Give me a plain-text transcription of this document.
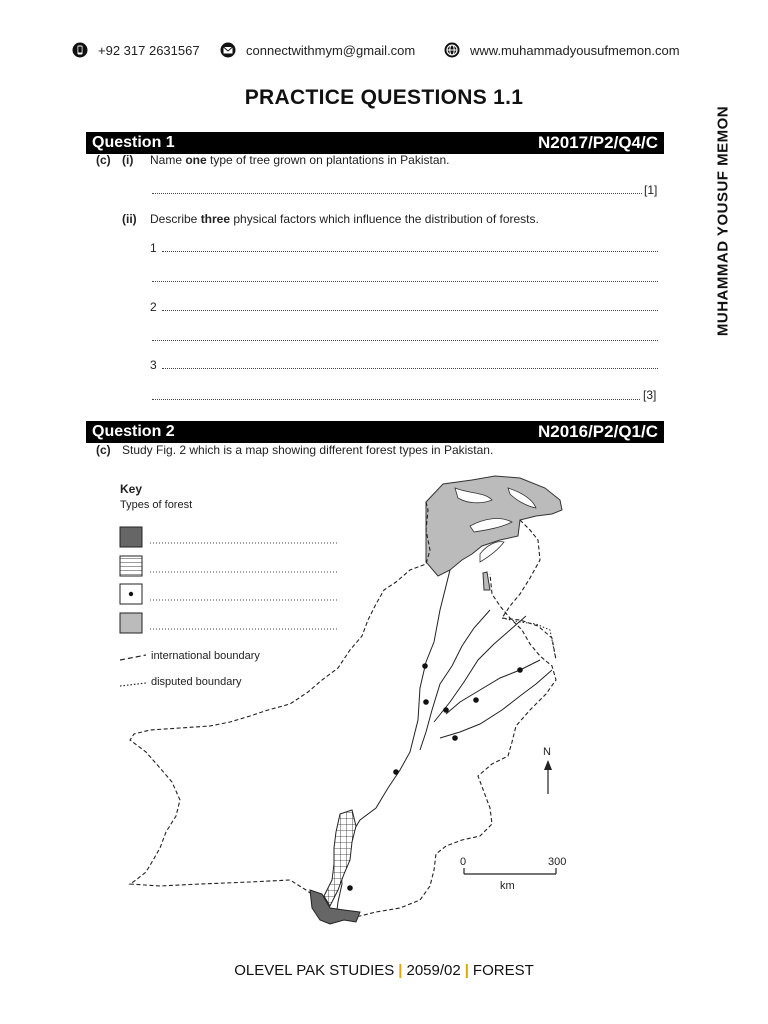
+92 317 2631567	connectwithmym@gmail.com	www.muhammadyousufmemon.com
PRACTICE QUESTIONS 1.1
MUHAMMAD YOUSUF MEMON
Question 1	N2017/P2/Q4/C
(c) (i) Name one type of tree grown on plantations in Pakistan.
[1]
(ii) Describe three physical factors which influence the distribution of forests.
1
2
3
[3]
Question 2	N2016/P2/Q1/C
(c) Study Fig. 2 which is a map showing different forest types in Pakistan.
Key
Types of forest
international boundary
disputed boundary
N
0	300
km
OLEVEL PAK STUDIES | 2059/02 | FOREST
